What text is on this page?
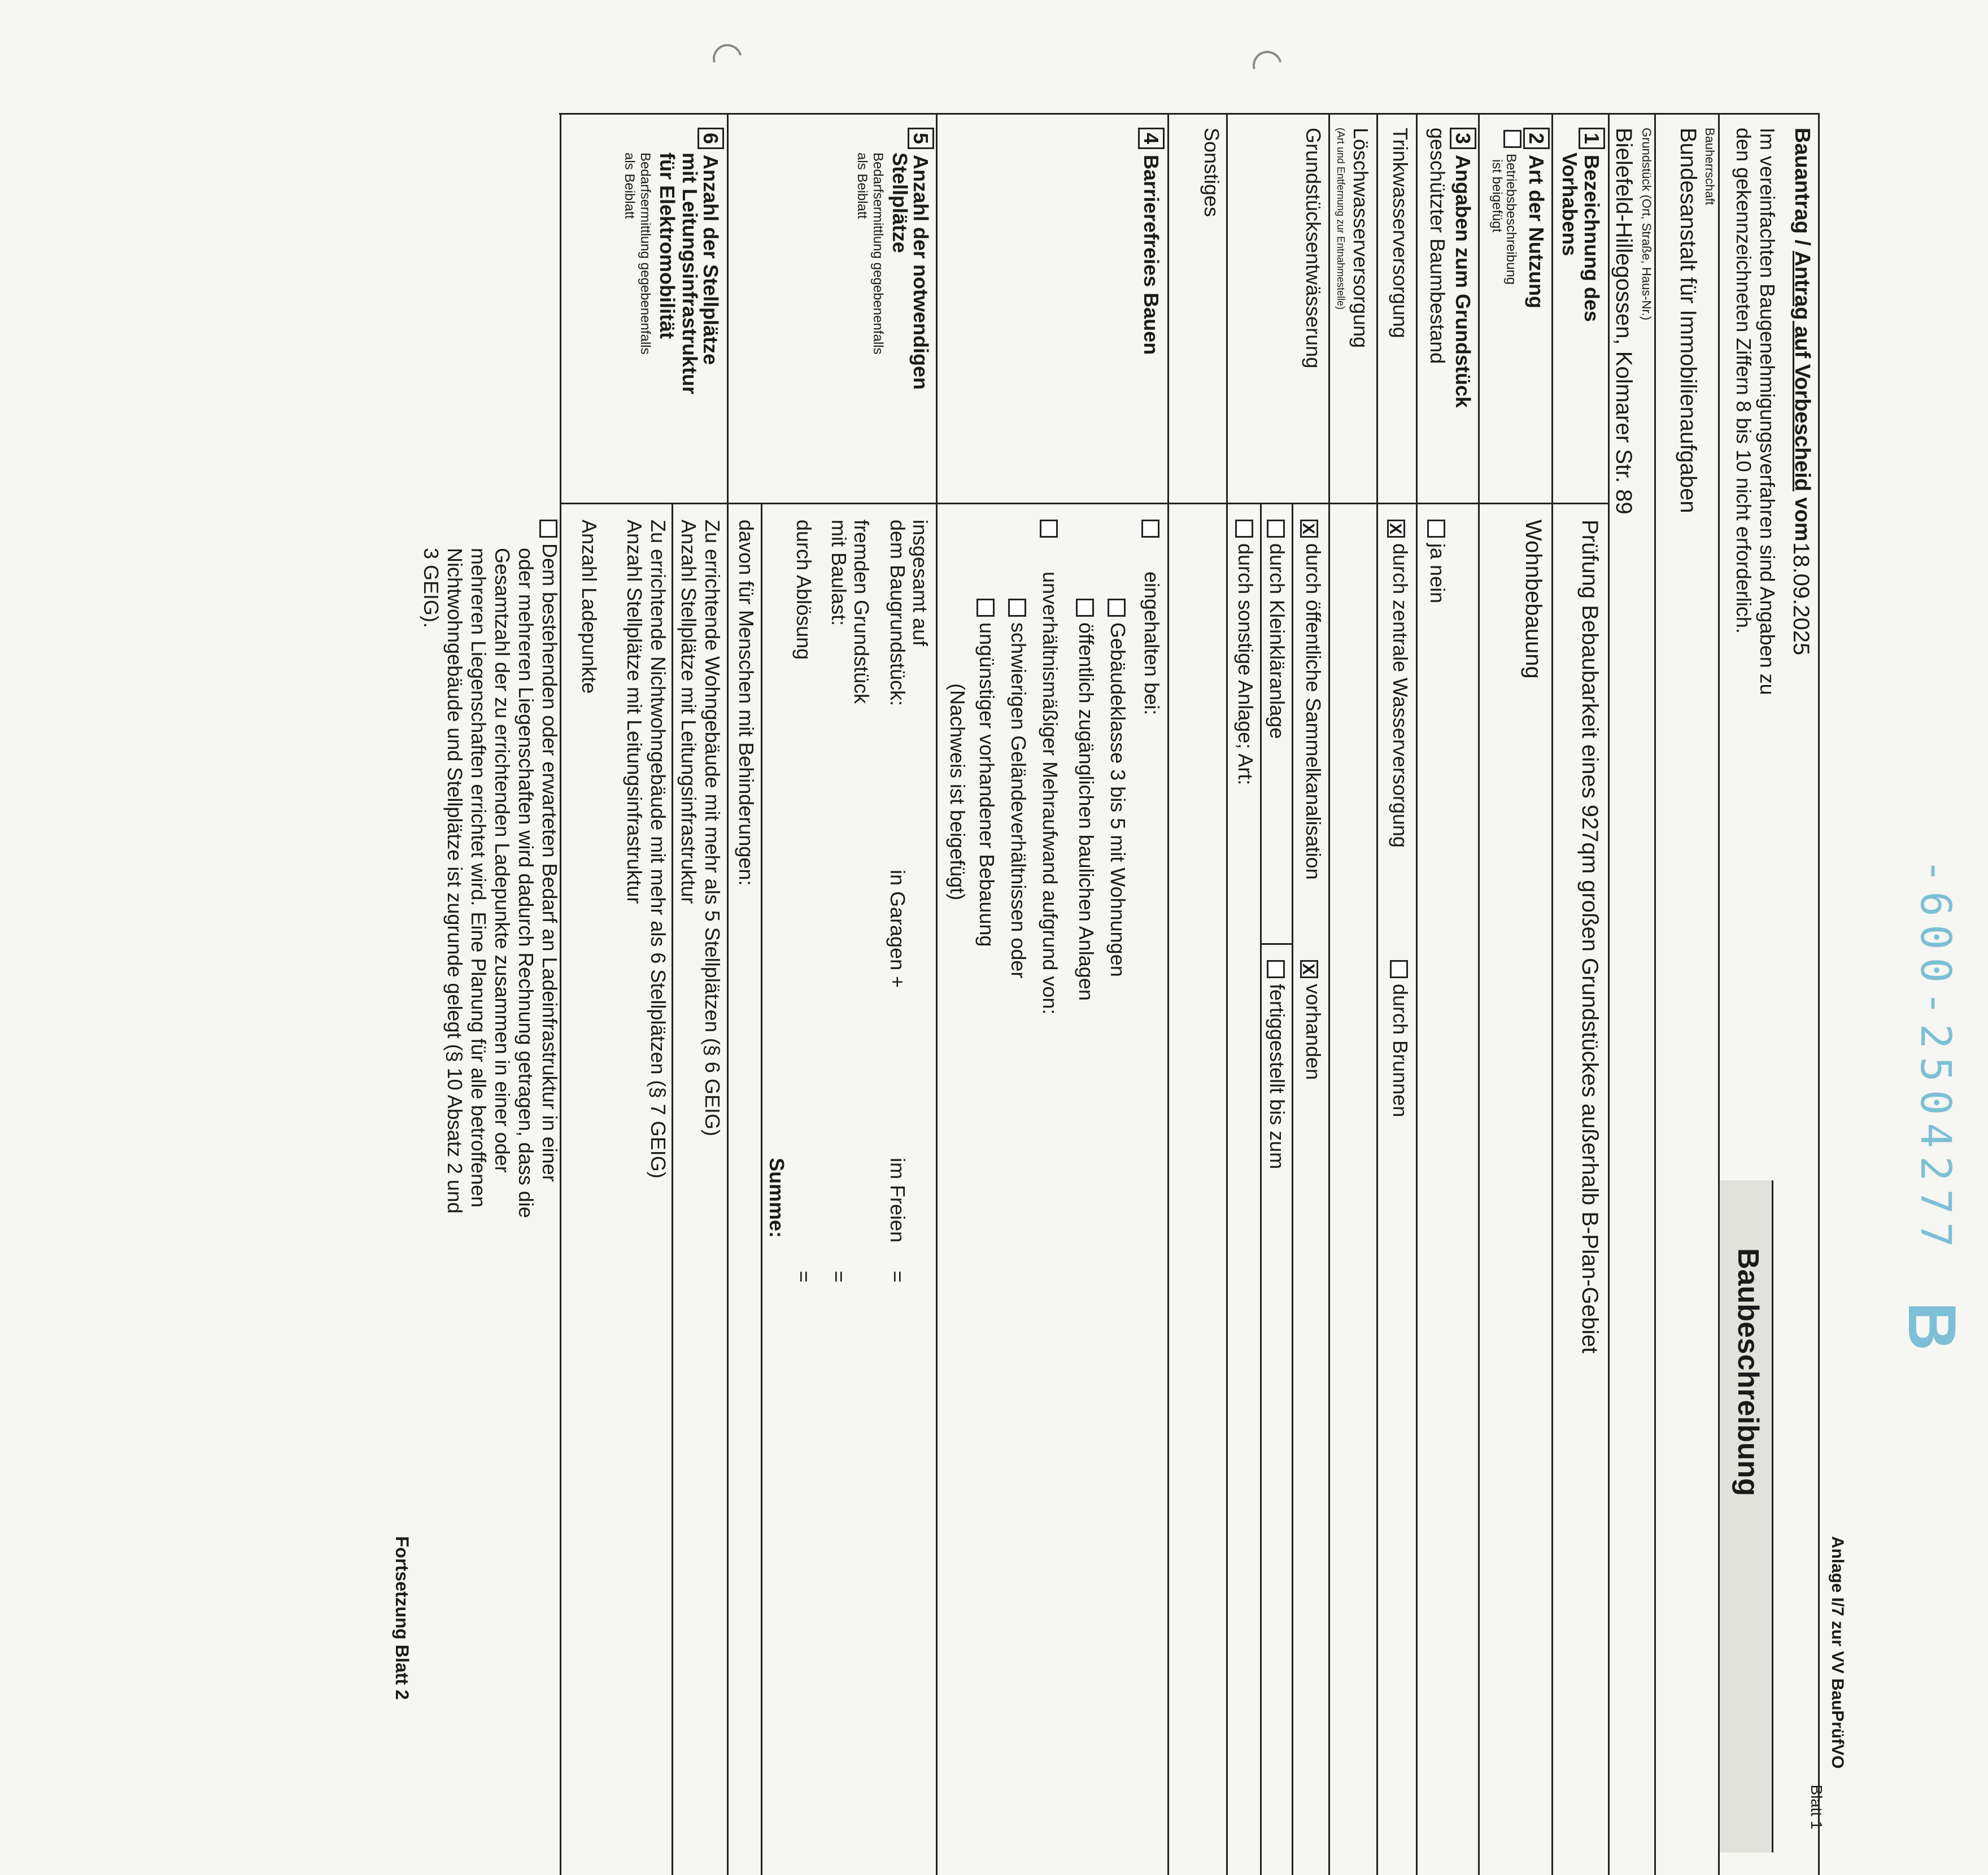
-600-2504277
B
Anlage I/7 zur VV BauPrüfVO
Blatt 1
Baubeschreibung
Bauantrag / Antrag auf Vorbescheid vom
18.09.2025
Im vereinfachten Baugenehmigungsverfahren sind Angaben zu
den gekennzeichneten Ziffern 8 bis 10 nicht erforderlich.
Bauherrschaft
Bundesanstalt für Immobilienaufgaben
Grundstück (Ort, Straße, Haus-Nr.)
Bielefeld-Hillegossen, Kolmarer Str. 89
1Bezeichnung des
Vorhabens
Prüfung Bebaubarkeit eines 927qm großen Grundstückes außerhalb B-Plan-Gebiet
2Art der Nutzung
Betriebsbeschreibung
ist beigefügt
Wohnbebauung
3Angaben zum Grundstück
geschützter Baumbestand
ja nein
Trinkwasserversorgung
Xdurch zentrale Wasserversorgung
durch Brunnen
Löschwasserversorgung
(Art und Entfernung zur Entnahmestelle)
Grundstücksentwässerung
Xdurch öffentliche Sammelkanalisation
Xvorhanden
durch Kleinkläranlage
fertiggestellt bis zum
durch sonstige Anlage; Art:
Sonstiges
4Barrierefreies Bauen
eingehalten bei:
Gebäudeklasse 3 bis 5 mit Wohnungen
öffentlich zugänglichen baulichen Anlagen
unverhältnismäßiger Mehraufwand aufgrund von:
schwierigen Geländeverhältnissen oder
ungünstiger vorhandener Bebauung
(Nachweis ist beigefügt)
5Anzahl der notwendigen
Stellplätze
Bedarfsermittlung gegebenenfalls
als Beiblatt
insgesamt auf
dem Baugrundstück:
in Garagen +
im Freien
=
fremden Grundstück
mit Baulast:
=
durch Ablösung
=
Summe:
davon für Menschen mit Behinderungen:
6Anzahl der Stellplätze
mit Leitungsinfrastruktur
für Elektromobilität
Bedarfsermittlung gegebenenfalls
als Beiblatt
Zu errichtende Wohngebäude mit mehr als 5 Stellplätzen (§ 6 GEIG)
Anzahl Stellplätze mit Leitungsinfrastruktur
Zu errichtende Nichtwohngebäude mit mehr als 6 Stellplätzen (§ 7 GEIG)
Anzahl Stellplätze mit Leitungsinfrastruktur
Anzahl Ladepunkte
Dem bestehenden oder erwarteten Bedarf an Ladeinfrastruktur in einer
oder mehreren Liegenschaften wird dadurch Rechnung getragen, dass die
Gesamtzahl der zu errichtenden Ladepunkte zusammen in einer oder
mehreren Liegenschaften errichtet wird. Eine Planung für alle betroffenen
Nichtwohngebäude und Stellplätze ist zugrunde gelegt (§ 10 Absatz 2 und
3 GEIG).
Fortsetzung Blatt 2
